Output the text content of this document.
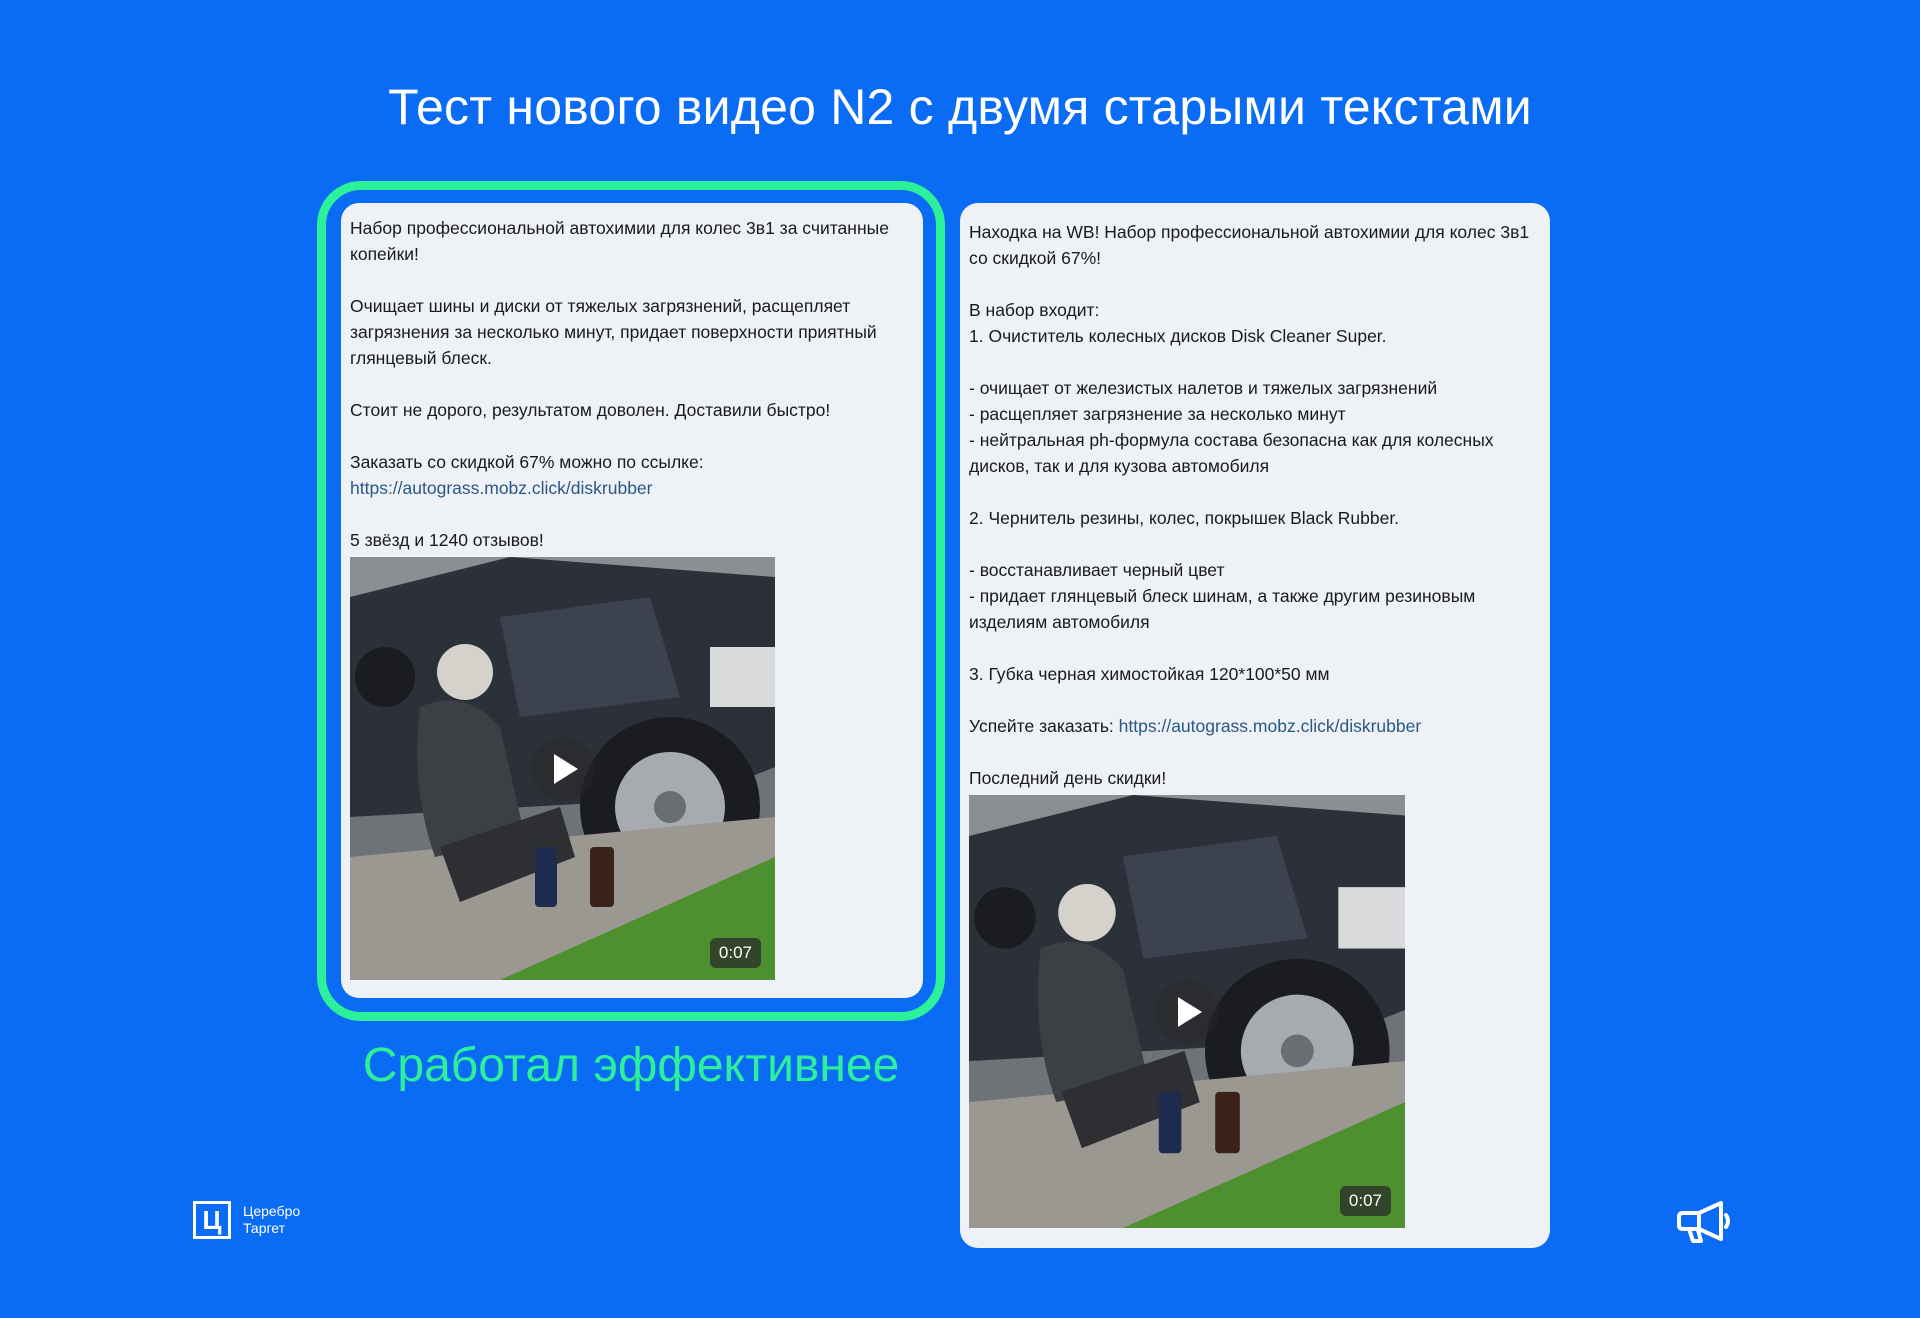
Тест нового видео N2 с двумя старыми текстами

Набор профессиональной автохимии для колес 3в1 за считанные копейки!

Очищает шины и диски от тяжелых загрязнений, расщепляет загрязнения за несколько минут, придает поверхности приятный глянцевый блеск.

Стоит не дорого, результатом доволен. Доставили быстро!

Заказать со скидкой 67% можно по ссылке:

https://autograss.mobz.click/diskrubber

5 звёзд и 1240 отзывов!

0:07

Находка на WB! Набор профессиональной автохимии для колес 3в1 со скидкой 67%!

В набор входит:
1. Очиститель колесных дисков Disk Cleaner Super.

- очищает от железистых налетов и тяжелых загрязнений
- расщепляет загрязнение за несколько минут
- нейтральная ph-формула состава безопасна как для колесных дисков, так и для кузова автомобиля

2. Чернитель резины, колес, покрышек Black Rubber.

- восстанавливает черный цвет
- придает глянцевый блеск шинам, а также другим резиновым изделиям автомобиля

3. Губка черная химостойкая 120*100*50 мм

Успейте заказать: https://autograss.mobz.click/diskrubber

Последний день скидки!

0:07

Сработал эффективнее

Ц	Церебро
Таргет
